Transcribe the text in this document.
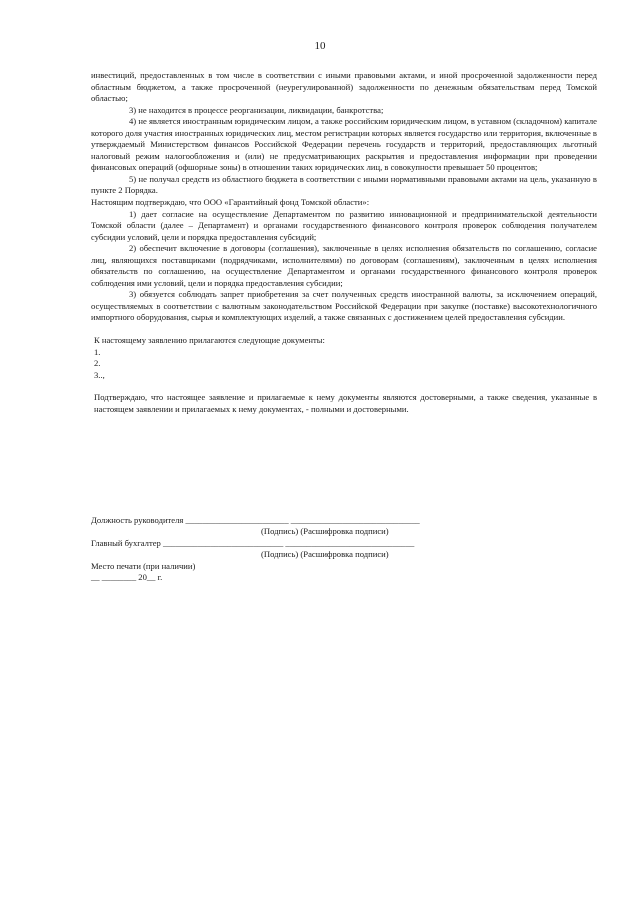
10

инвестиций, предоставленных в том числе в соответствии с иными правовыми актами, и иной просроченной задолженности перед областным бюджетом, а также просроченной (неурегулированной) задолженности по денежным обязательствам перед Томской областью;

3) не находится в процессе реорганизации, ликвидации, банкротства;

4) не является иностранным юридическим лицом, а также российским юридическим лицом, в уставном (складочном) капитале которого доля участия иностранных юридических лиц, местом регистрации которых является государство или территория, включенные в утверждаемый Министерством финансов Российской Федерации перечень государств и территорий, предоставляющих льготный налоговый режим налогообложения и (или) не предусматривающих раскрытия и предоставления информации при проведении финансовых операций (офшорные зоны) в отношении таких юридических лиц, в совокупности превышает 50 процентов;

5) не получал средств из областного бюджета в соответствии с иными нормативными правовыми актами на цель, указанную в пункте 2 Порядка.

Настоящим подтверждаю, что ООО «Гарантийный фонд Томской области»:

1) дает согласие на осуществление Департаментом по развитию инновационной и предпринимательской деятельности Томской области (далее – Департамент) и органами государственного финансового контроля проверок соблюдения получателем субсидии условий, цели и порядка предоставления субсидий;

2) обеспечит включение в договоры (соглашения), заключенные в целях исполнения обязательств по соглашению, согласие лиц, являющихся поставщиками (подрядчиками, исполнителями) по договорам (соглашениям), заключенным в целях исполнения обязательств по соглашению, на осуществление Департаментом и органами государственного финансового контроля проверок соблюдения ими условий, цели и порядка предоставления субсидии;

3) обязуется соблюдать запрет приобретения за счет полученных средств иностранной валюты, за исключением операций, осуществляемых в соответствии с валютным законодательством Российской Федерации при закупке (поставке) высокотехнологичного импортного оборудования, сырья и комплектующих изделий, а также связанных с достижением целей предоставления субсидии.

К настоящему заявлению прилагаются следующие документы:

1.

2.

3..,

Подтверждаю, что настоящее заявление и прилагаемые к нему документы являются достоверными, а также сведения, указанные в настоящем заявлении и прилагаемых к нему документах, - полными и достоверными.

Должность руководителя ________________________ ______________________________
(Подпись) (Расшифровка подписи)
Главный бухгалтер ____________________________ ______________________________
(Подпись) (Расшифровка подписи)
Место печати (при наличии)
__ ________ 20__ г.
